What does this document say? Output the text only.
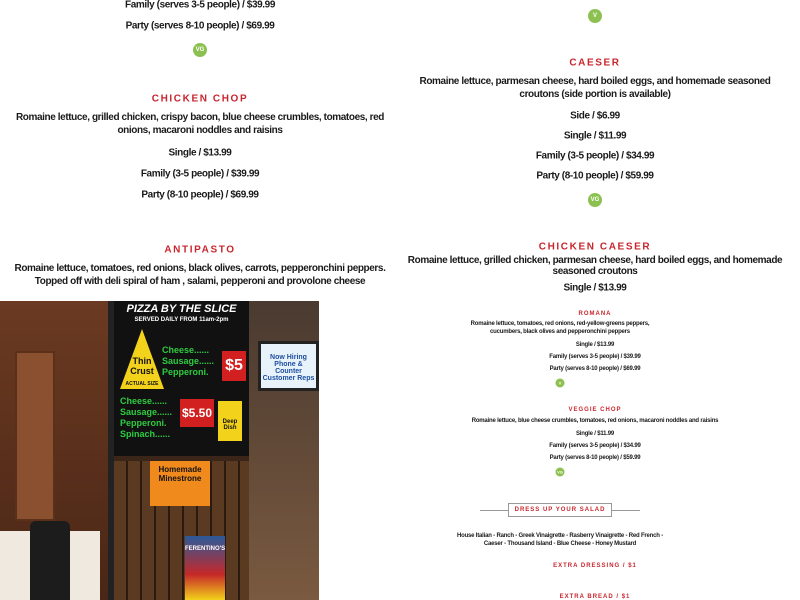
Family (serves 3-5 people) / $39.99
Party (serves 8-10 people) / $69.99
VG
CHICKEN CHOP
Romaine lettuce, grilled chicken, crispy bacon, blue cheese crumbles, tomatoes, red onions, macaroni noddles and raisins
Single / $13.99
Family (3-5 people) / $39.99
Party (8-10 people) / $69.99
ANTIPASTO
Romaine lettuce, tomatoes, red onions, black olives, carrots, pepperonchini peppers. Topped off with deli spiral of ham , salami, pepperoni and provolone cheese
PIZZA BY THE SLICE
SERVED DAILY FROM 11am-2pm
Thin Crust
ACTUAL SIZE
Cheese...... Sausage...... Pepperoni.	$5
Cheese...... Sausage...... Pepperoni. Spinach......
$5.50
Deep Dish
Homemade Minestrone
FERENTINO'S
Now Hiring Phone & Counter Customer Reps
V
CAESER
Romaine lettuce, parmesan cheese, hard boiled eggs, and homemade seasoned croutons (side portion is available)
Side / $6.99
Single / $11.99
Family (3-5 people) / $34.99
Party (8-10 people) / $59.99
VG
CHICKEN CAESER
Romaine lettuce, grilled chicken, parmesan cheese, hard boiled eggs, and homemade seasoned croutons
Single / $13.99
ROMANA
Romaine lettuce, tomatoes, red onions, red-yellow-greens peppers, cucumbers, black olives and pepperonchini peppers
Single / $13.99
Family (serves 3-5 people) / $39.99
Party (serves 8-10 people) / $69.99
V
VEGGIE CHOP
Romaine lettuce, blue cheese crumbles, tomatoes, red onions, macaroni noddles and raisins
Single / $11.99
Family (serves 3-5 people) / $34.99
Party (serves 8-10 people) / $59.99
VG
DRESS UP YOUR SALAD
House Italian - Ranch - Greek Vinaigrette - Rasberry Vinaigrette - Red French - Caeser - Thousand Island - Blue Cheese - Honey Mustard
EXTRA DRESSING / $1
EXTRA BREAD / $1
